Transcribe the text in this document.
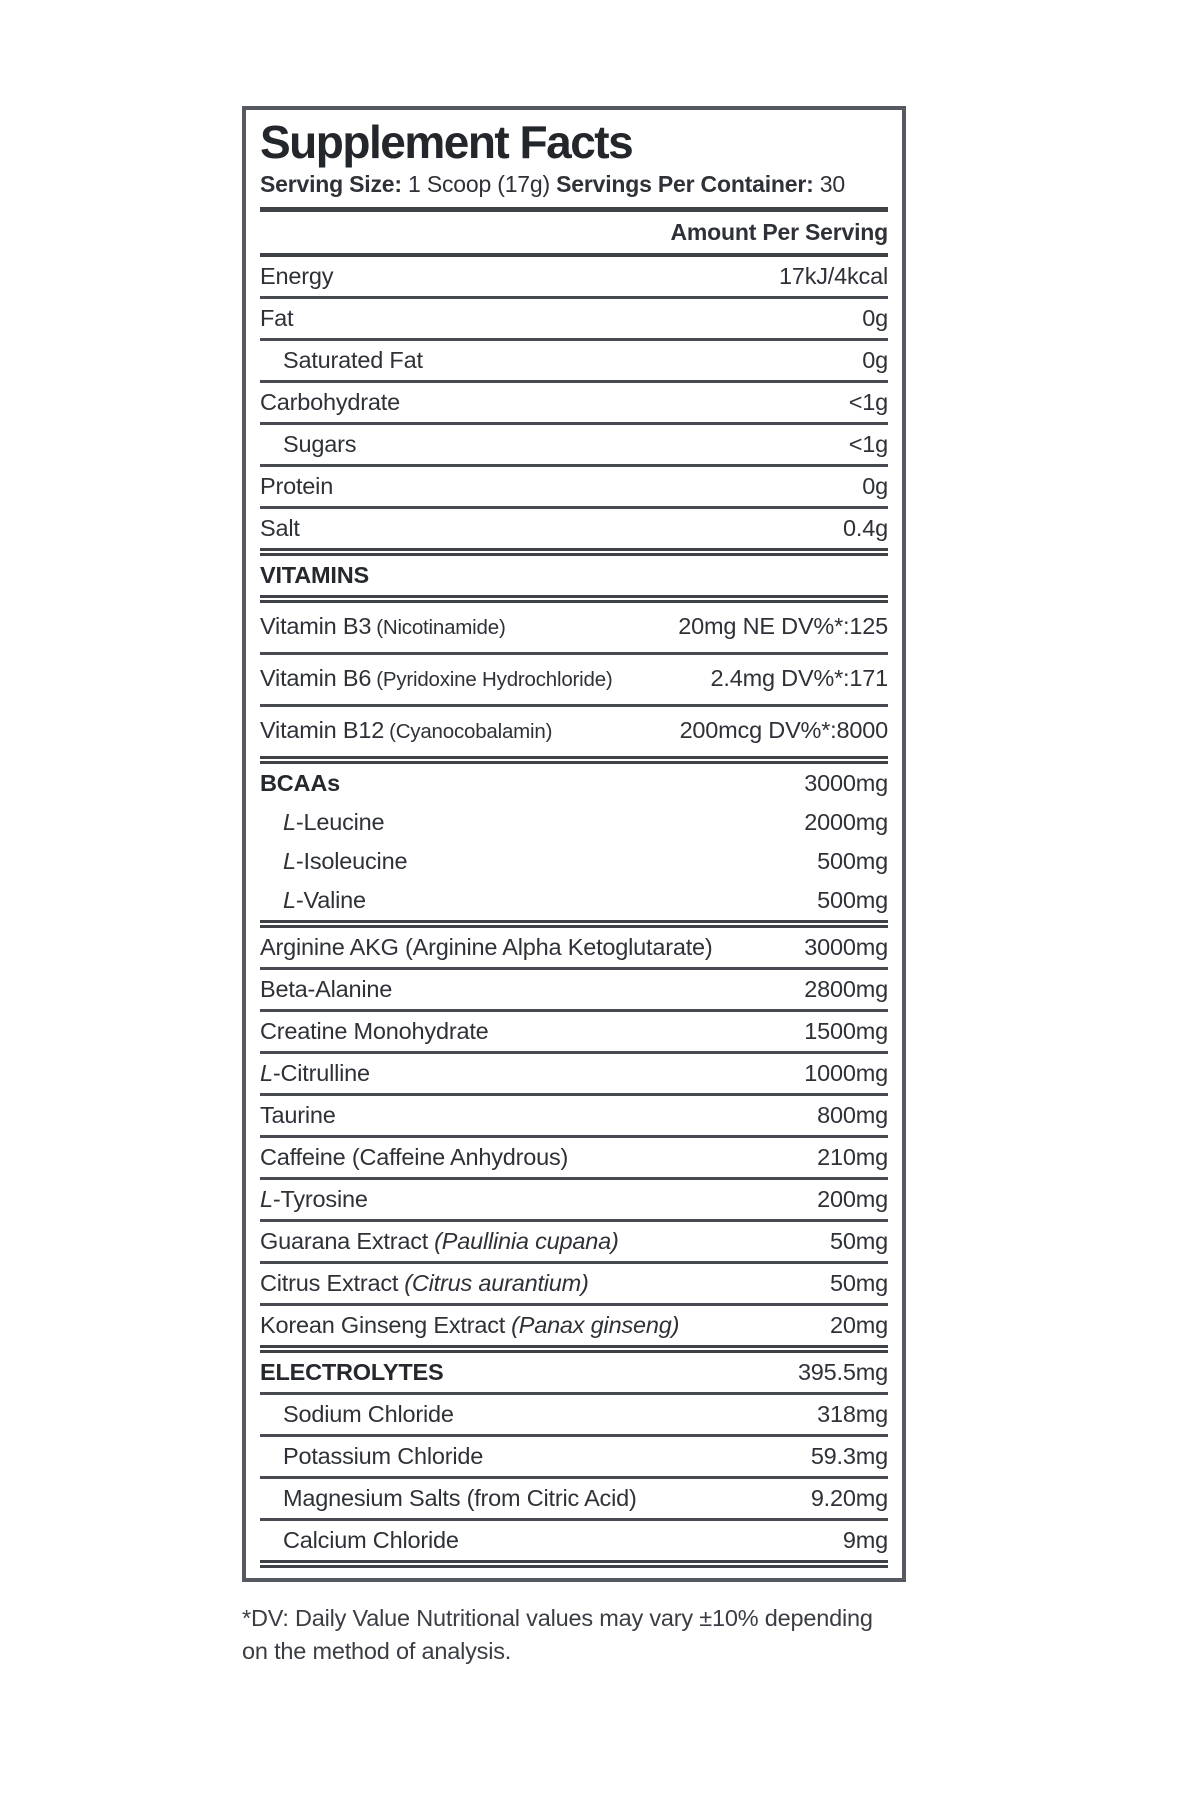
Supplement Facts
Serving Size: 1 Scoop (17g) Servings Per Container: 30
Amount Per Serving
Energy	17kJ/4kcal
Fat	0g
Saturated Fat	0g
Carbohydrate	<1g
Sugars	<1g
Protein	0g
Salt	0.4g
VITAMINS
Vitamin B3 (Nicotinamide)	20mg NE DV%*:125
Vitamin B6 (Pyridoxine Hydrochloride)	2.4mg DV%*:171
Vitamin B12 (Cyanocobalamin)	200mcg DV%*:8000
BCAAs	3000mg
L-Leucine	2000mg
L-Isoleucine	500mg
L-Valine	500mg
Arginine AKG (Arginine Alpha Ketoglutarate)	3000mg
Beta-Alanine	2800mg
Creatine Monohydrate	1500mg
L-Citrulline	1000mg
Taurine	800mg
Caffeine (Caffeine Anhydrous)	210mg
L-Tyrosine	200mg
Guarana Extract (Paullinia cupana)	50mg
Citrus Extract (Citrus aurantium)	50mg
Korean Ginseng Extract (Panax ginseng)	20mg
ELECTROLYTES	395.5mg
Sodium Chloride	318mg
Potassium Chloride	59.3mg
Magnesium Salts (from Citric Acid)	9.20mg
Calcium Chloride	9mg
*DV: Daily Value Nutritional values may vary ±10% depending
on the method of analysis.
